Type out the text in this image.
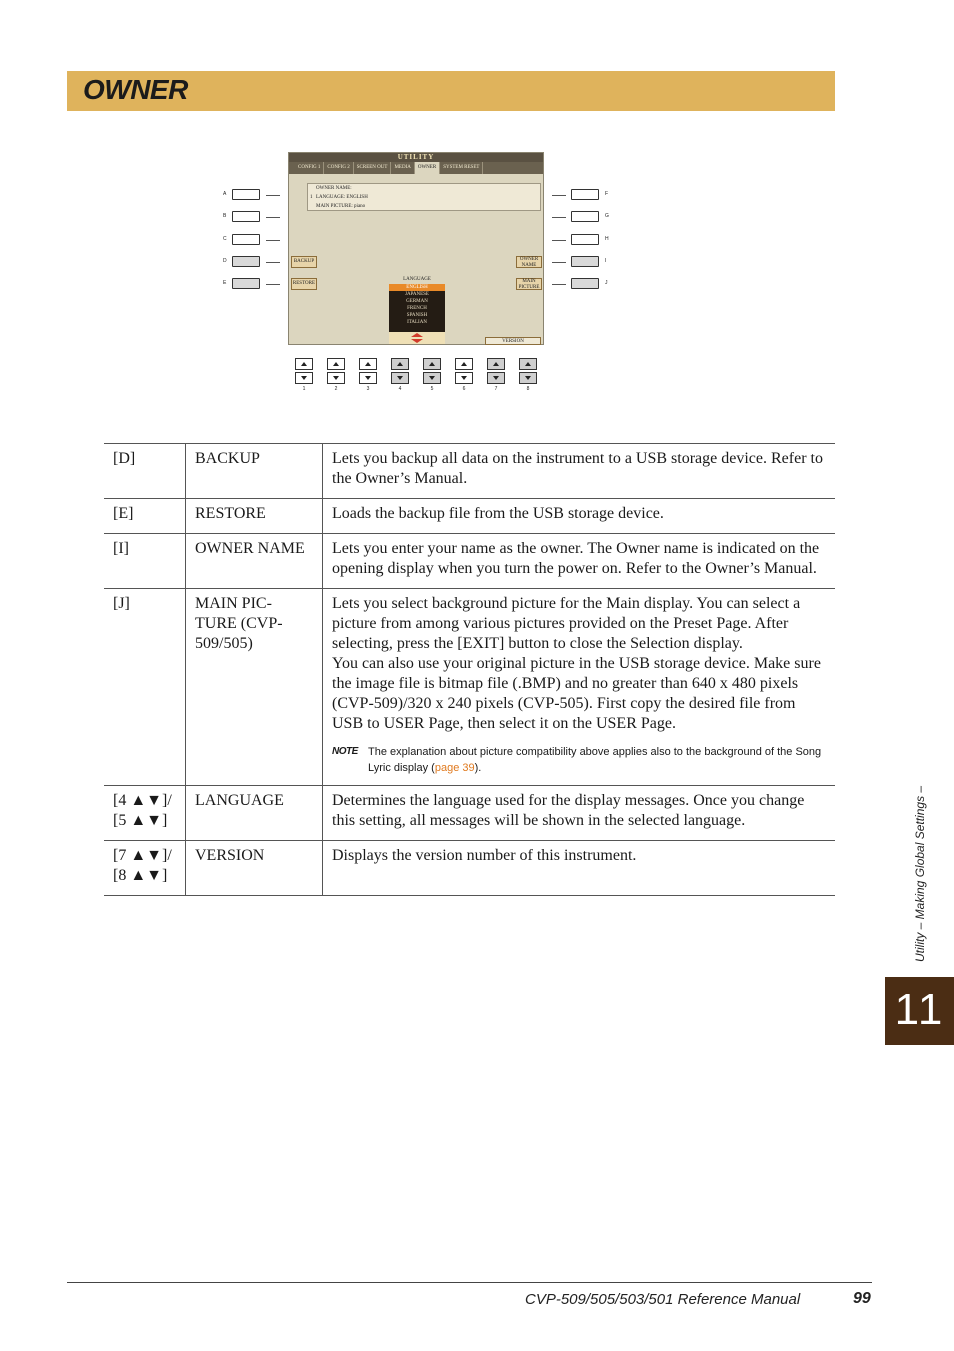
OWNER
A
B
C
D
E
F
G
H
I
J
UTILITY
CONFIG 1	CONFIG 2	SCREEN OUT	MEDIA	OWNER	SYSTEM RESET
1
OWNER NAME:
LANGUAGE: ENGLISH
MAIN PICTURE: piano
BACKUP
RESTORE
OWNER NAME
MAIN PICTURE
LANGUAGE
ENGLISH
JAPANESE
GERMAN
FRENCH
SPANISH
ITALIAN
VERSION
1	2	3	4	5	6	7	8
[D]	BACKUP	Lets you backup all data on the instrument to a USB storage device. Refer to the Owner’s Manual.
[E]	RESTORE	Loads the backup file from the USB storage device.
[I]	OWNER NAME	Lets you enter your name as the owner. The Owner name is indicated on the opening display when you turn the power on. Refer to the Owner’s Manual.
[J]	MAIN PIC-TURE (CVP-509/505)	Lets you select background picture for the Main display. You can select a picture from among various pictures provided on the Preset Page. After selecting, press the [EXIT] button to close the Selection display.
You can also use your original picture in the USB storage device. Make sure the image file is bitmap file (.BMP) and no greater than 640 x 480 pixels (CVP-509)/320 x 240 pixels (CVP-505). First copy the desired file from USB to USER Page, then select it on the USER Page.
NOTE The explanation about picture compatibility above applies also to the background of the Song Lyric display (page 39).

[4 ▲▼]/ [5 ▲▼]	LANGUAGE	Determines the language used for the display messages. Once you change this setting, all messages will be shown in the selected language.
[7 ▲▼]/ [8 ▲▼]	VERSION	Displays the version number of this instrument.	Utility – Making Global Settings –
11
CVP-509/505/503/501 Reference Manual	99
